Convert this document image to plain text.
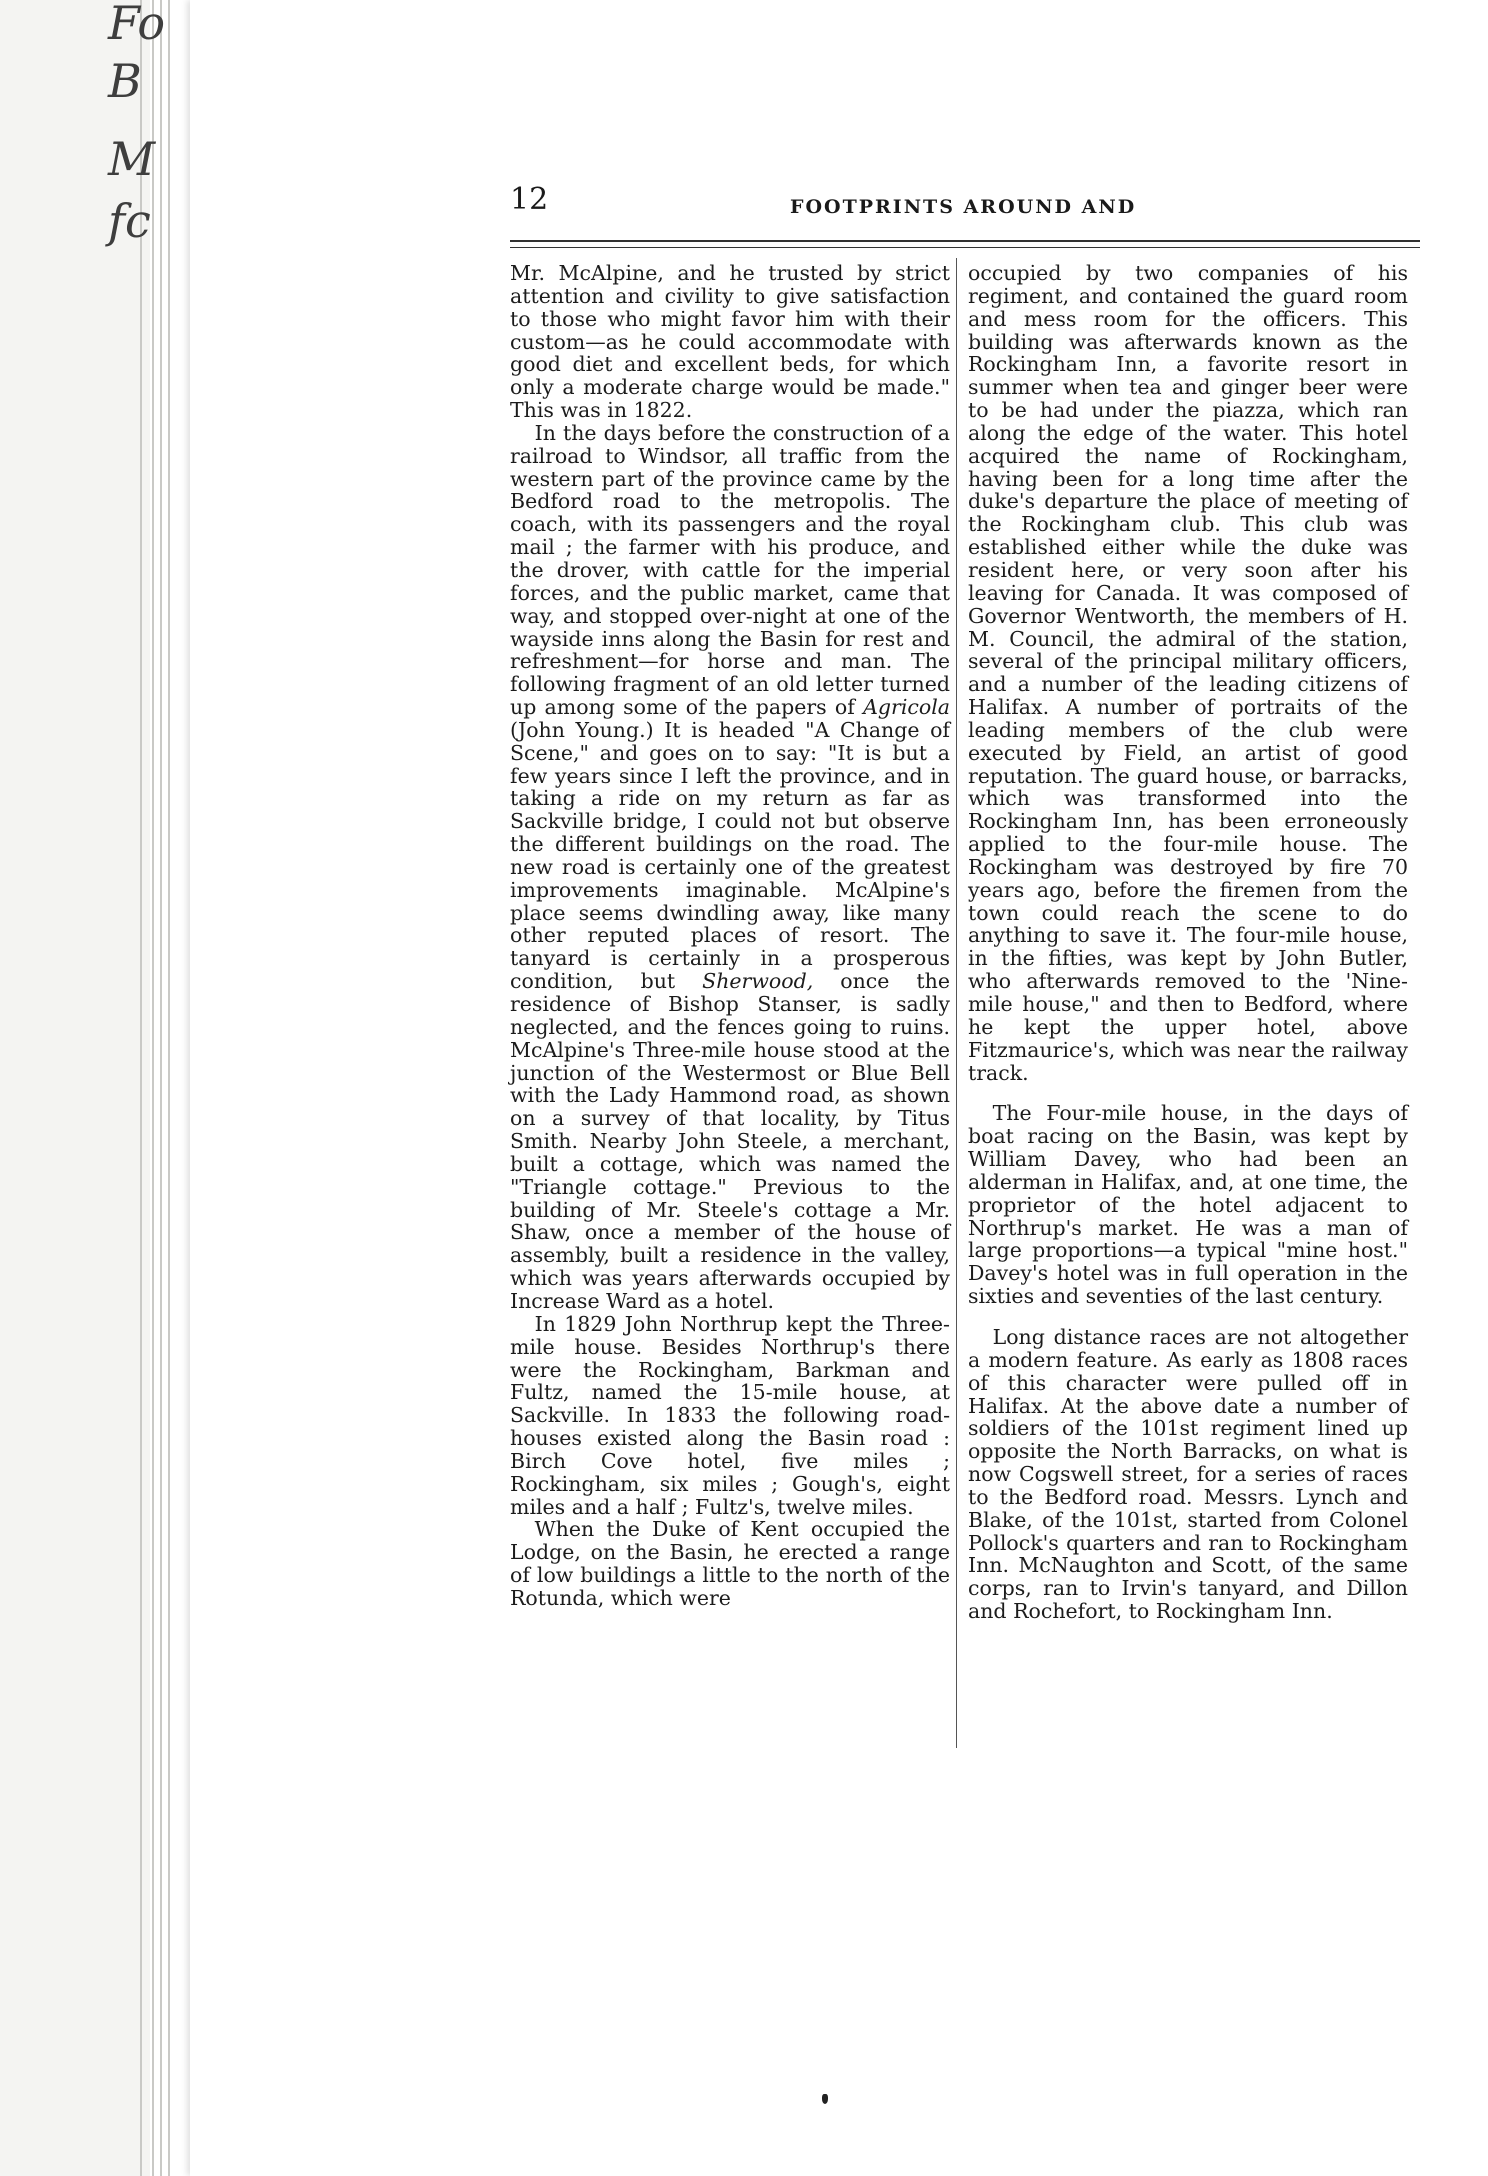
Fo
B
M
fc	12	FOOTPRINTS AROUND AND

Mr. McAlpine, and he trusted by strict attention and civility to give satisfaction to those who might favor him with their custom—as he could accommodate with good diet and excellent beds, for which only a moderate charge would be made." This was in 1822.

In the days before the construction of a railroad to Windsor, all traffic from the western part of the province came by the Bedford road to the metropolis. The coach, with its passengers and the royal mail ; the farmer with his produce, and the drover, with cattle for the imperial forces, and the public market, came that way, and stopped over-night at one of the wayside inns along the Basin for rest and refreshment—for horse and man. The following fragment of an old letter turned up among some of the papers of Agricola (John Young.) It is headed "A Change of Scene," and goes on to say: "It is but a few years since I left the province, and in taking a ride on my return as far as Sackville bridge, I could not but observe the different buildings on the road. The new road is certainly one of the greatest improvements imaginable. McAlpine's place seems dwindling away, like many other reputed places of resort. The tanyard is certainly in a prosperous condition, but Sherwood, once the residence of Bishop Stanser, is sadly neglected, and the fences going to ruins. McAlpine's Three-mile house stood at the junction of the Westermost or Blue Bell with the Lady Hammond road, as shown on a survey of that locality, by Titus Smith. Nearby John Steele, a merchant, built a cottage, which was named the "Triangle cottage." Previous to the building of Mr. Steele's cottage a Mr. Shaw, once a member of the house of assembly, built a residence in the valley, which was years afterwards occupied by Increase Ward as a hotel.

In 1829 John Northrup kept the Three-mile house. Besides Northrup's there were the Rockingham, Barkman and Fultz, named the 15-mile house, at Sackville. In 1833 the following road-houses existed along the Basin road : Birch Cove hotel, five miles ; Rockingham, six miles ; Gough's, eight miles and a half ; Fultz's, twelve miles.

When the Duke of Kent occupied the Lodge, on the Basin, he erected a range of low buildings a little to the north of the Rotunda, which were

occupied by two companies of his regiment, and contained the guard room and mess room for the officers. This building was afterwards known as the Rockingham Inn, a favorite resort in summer when tea and ginger beer were to be had under the piazza, which ran along the edge of the water. This hotel acquired the name of Rockingham, having been for a long time after the duke's departure the place of meeting of the Rockingham club. This club was established either while the duke was resident here, or very soon after his leaving for Canada. It was composed of Governor Wentworth, the members of H. M. Council, the admiral of the station, several of the principal military officers, and a number of the leading citizens of Halifax. A number of portraits of the leading members of the club were executed by Field, an artist of good reputation. The guard house, or barracks, which was transformed into the Rockingham Inn, has been erroneously applied to the four-mile house. The Rockingham was destroyed by fire 70 years ago, before the firemen from the town could reach the scene to do anything to save it. The four-mile house, in the fifties, was kept by John Butler, who afterwards removed to the 'Nine-mile house," and then to Bedford, where he kept the upper hotel, above Fitzmaurice's, which was near the railway track.

The Four-mile house, in the days of boat racing on the Basin, was kept by William Davey, who had been an alderman in Halifax, and, at one time, the proprietor of the hotel adjacent to Northrup's market. He was a man of large proportions—a typical "mine host." Davey's hotel was in full operation in the sixties and seventies of the last century.

Long distance races are not altogether a modern feature. As early as 1808 races of this character were pulled off in Halifax. At the above date a number of soldiers of the 101st regiment lined up opposite the North Barracks, on what is now Cogswell street, for a series of races to the Bedford road. Messrs. Lynch and Blake, of the 101st, started from Colonel Pollock's quarters and ran to Rockingham Inn. McNaughton and Scott, of the same corps, ran to Irvin's tanyard, and Dillon and Rochefort, to Rockingham Inn.
